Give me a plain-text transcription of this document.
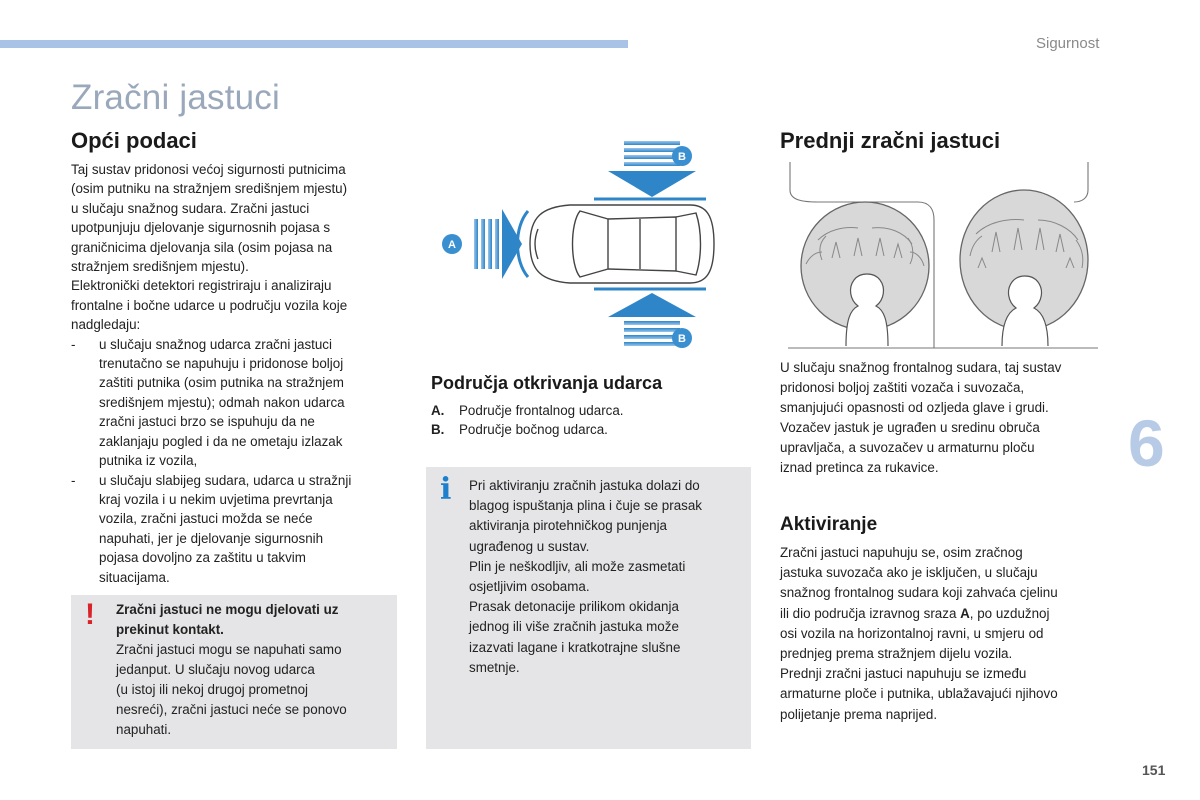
Sigurnost
Zračni jastuci
Opći podaci
Taj sustav pridonosi većoj sigurnosti putnicima
(osim putniku na stražnjem središnjem mjestu)
u slučaju snažnog sudara. Zračni jastuci
upotpunjuju djelovanje sigurnosnih pojasa s
graničnicima djelovanja sila (osim pojasa na
stražnjem središnjem mjestu).
Elektronički detektori registriraju i analiziraju
frontalne i bočne udarce u području vozila koje
nadgledaju:
-	u slučaju snažnog udarca zračni jastuci
trenutačno se napuhuju i pridonose boljoj
zaštiti putnika (osim putnika na stražnjem
središnjem mjestu); odmah nakon udarca
zračni jastuci brzo se ispuhuju da ne
zaklanjaju pogled i da ne ometaju izlazak
putnika iz vozila,
-	u slučaju slabijeg sudara, udarca u stražnji
kraj vozila i u nekim uvjetima prevrtanja
vozila, zračni jastuci možda se neće
napuhati, jer je djelovanje sigurnosnih
pojasa dovoljno za zaštitu u takvim
situacijama.
! Zračni jastuci ne mogu djelovati uz
prekinut kontakt.
Zračni jastuci mogu se napuhati samo
jedanput. U slučaju novog udarca
(u istoj ili nekoj drugoj prometnoj
nesreći), zračni jastuci neće se ponovo
napuhati.
A
B
B
Područja otkrivanja udarca
A. Područje frontalnog udarca.
B. Područje bočnog udarca.
i Pri aktiviranju zračnih jastuka dolazi do
blagog ispuštanja plina i čuje se prasak
aktiviranja pirotehničkog punjenja
ugrađenog u sustav.
Plin je neškodljiv, ali može zasmetati
osjetljivim osobama.
Prasak detonacije prilikom okidanja
jednog ili više zračnih jastuka može
izazvati lagane i kratkotrajne slušne
smetnje.
Prednji zračni jastuci
U slučaju snažnog frontalnog sudara, taj sustav
pridonosi boljoj zaštiti vozača i suvozača,
smanjujući opasnosti od ozljeda glave i grudi.
Vozačev jastuk je ugrađen u sredinu obruča
upravljača, a suvozačev u armaturnu ploču
iznad pretinca za rukavice.
Aktiviranje
Zračni jastuci napuhuju se, osim zračnog
jastuka suvozača ako je isključen, u slučaju
snažnog frontalnog sudara koji zahvaća cjelinu
ili dio područja izravnog sraza A, po uzdužnoj
osi vozila na horizontalnoj ravni, u smjeru od
prednjeg prema stražnjem dijelu vozila.
Prednji zračni jastuci napuhuju se između
armaturne ploče i putnika, ublažavajući njihovo
polijetanje prema naprijed.
6
151
